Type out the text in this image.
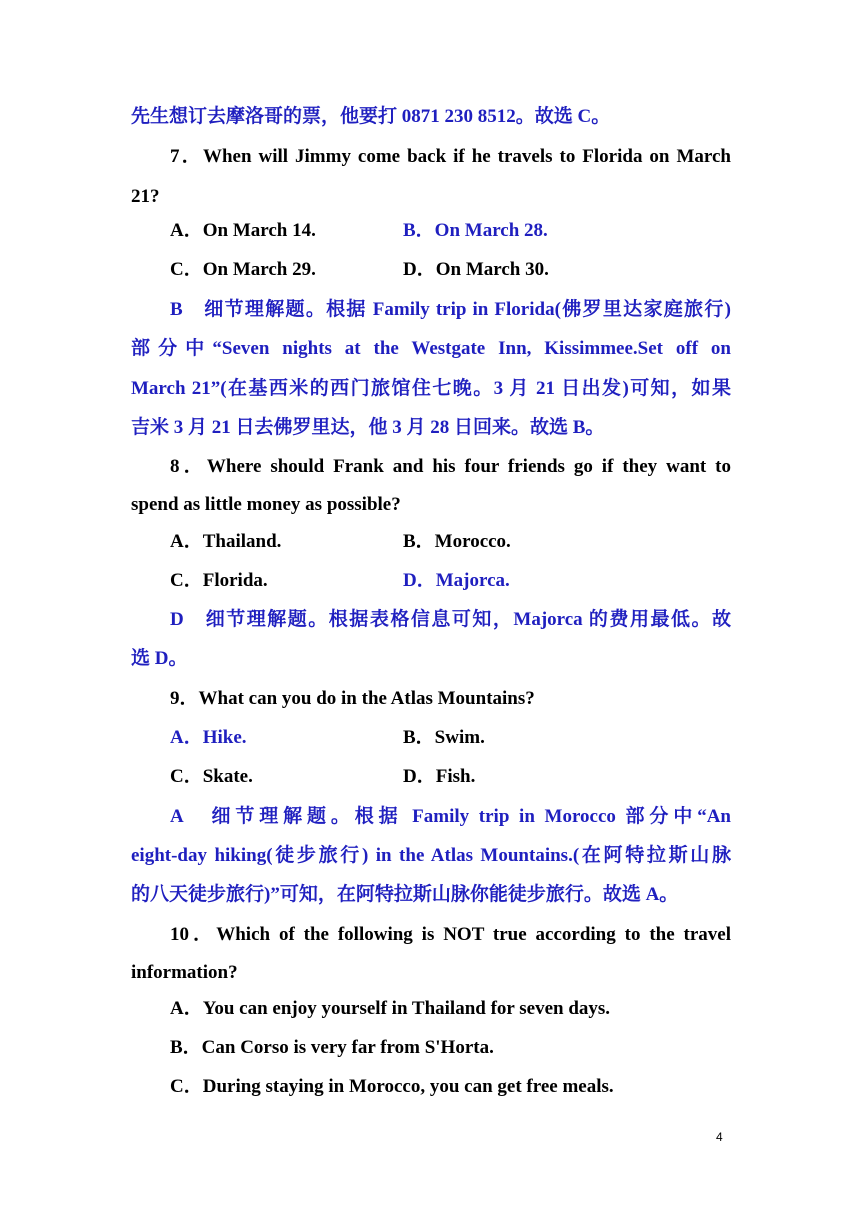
先生想订去摩洛哥的票，他要打 0871 230 8512。故选 C。
7．When will Jimmy come back if he travels to Florida on March
21?
A．On March 14.	B．On March 28.
C．On March 29.	D．On March 30.
B　细节理解题。根据 Family trip in Florida(佛罗里达家庭旅行)
部分中“Seven nights at the Westgate Inn, Kissimmee.Set off on
March 21”(在基西米的西门旅馆住七晚。3 月 21 日出发)可知，如果
吉米 3 月 21 日去佛罗里达，他 3 月 28 日回来。故选 B。
8．Where should Frank and his four friends go if they want to
spend as little money as possible?
A．Thailand.	B．Morocco.
C．Florida.	D．Majorca.
D　细节理解题。根据表格信息可知，Majorca 的费用最低。故
选 D。
9．What can you do in the Atlas Mountains?
A．Hike.	B．Swim.
C．Skate.	D．Fish.
A　细节理解题。根据 Family trip in Morocco 部分中“An
eight-day hiking(徒步旅行) in the Atlas Mountains.(在阿特拉斯山脉
的八天徒步旅行)”可知，在阿特拉斯山脉你能徒步旅行。故选 A。
10．Which of the following is NOT true according to the travel
information?
A．You can enjoy yourself in Thailand for seven days.
B．Can Corso is very far from S'Horta.
C．During staying in Morocco, you can get free meals.
4
